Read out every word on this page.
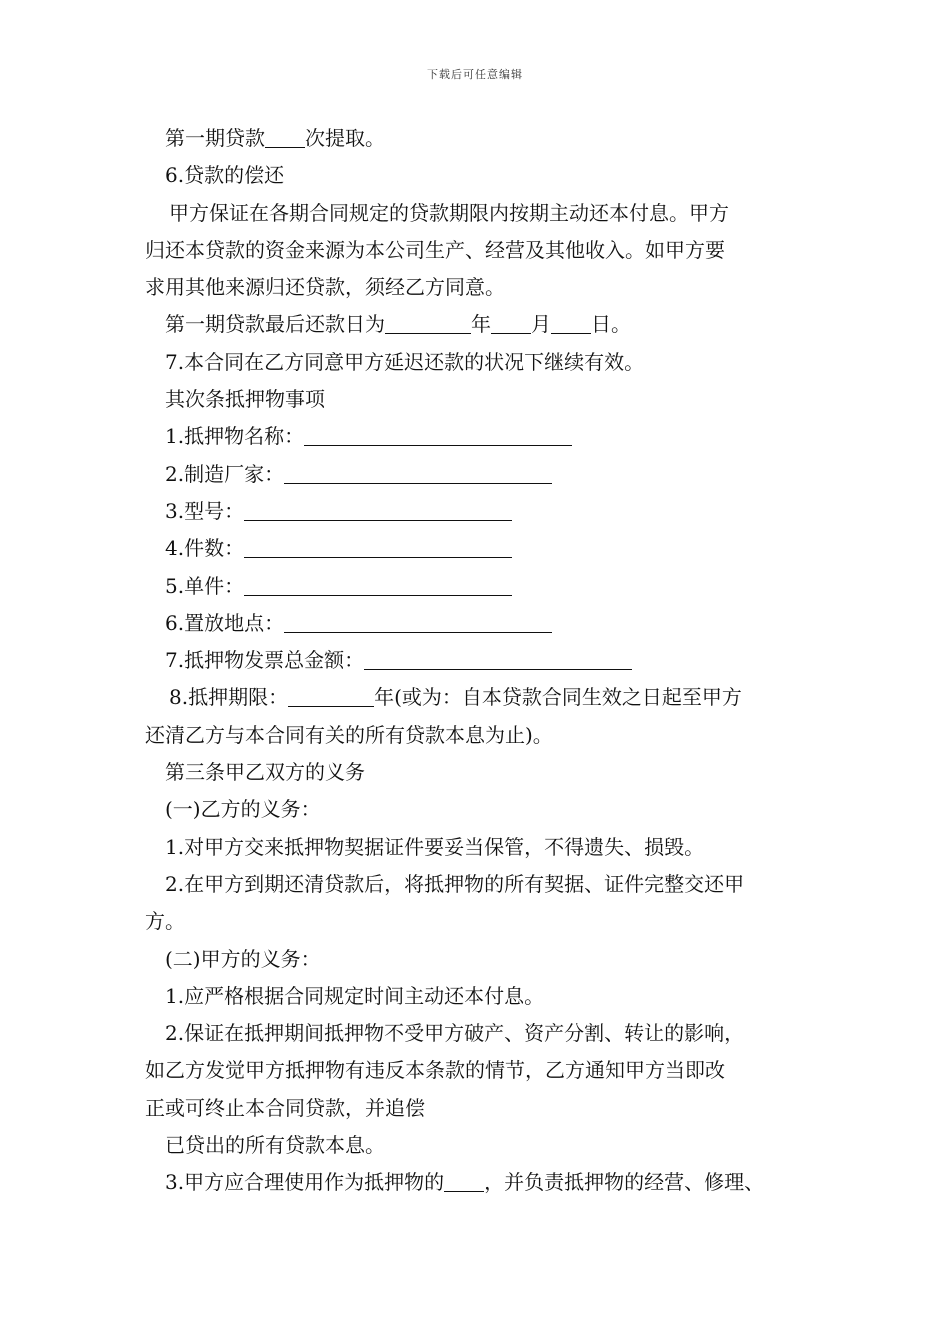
下载后可任意编辑
第一期贷款 次提取。
6.贷款的偿还
甲方保证在各期合同规定的贷款期限内按期主动还本付息。甲方
归还本贷款的资金来源为本公司生产、经营及其他收入。如甲方要
求用其他来源归还贷款，须经乙方同意。
第一期贷款最后还款日为	年 月 日。
7.本合同在乙方同意甲方延迟还款的状况下继续有效。
其次条抵押物事项
1.抵押物名称：
2.制造厂家：
3.型号：
4.件数：
5.单件：
6.置放地点：
7.抵押物发票总金额：
8.抵押期限：	年(或为：自本贷款合同生效之日起至甲方
还清乙方与本合同有关的所有贷款本息为止)。
第三条甲乙双方的义务
(一)乙方的义务：
1.对甲方交来抵押物契据证件要妥当保管，不得遗失、损毁。
2.在甲方到期还清贷款后，将抵押物的所有契据、证件完整交还甲
方。
(二)甲方的义务：
1.应严格根据合同规定时间主动还本付息。
2.保证在抵押期间抵押物不受甲方破产、资产分割、转让的影响，
如乙方发觉甲方抵押物有违反本条款的情节，乙方通知甲方当即改
正或可终止本合同贷款，并追偿
已贷出的所有贷款本息。
3.甲方应合理使用作为抵押物的 ，并负责抵押物的经营、修理、
